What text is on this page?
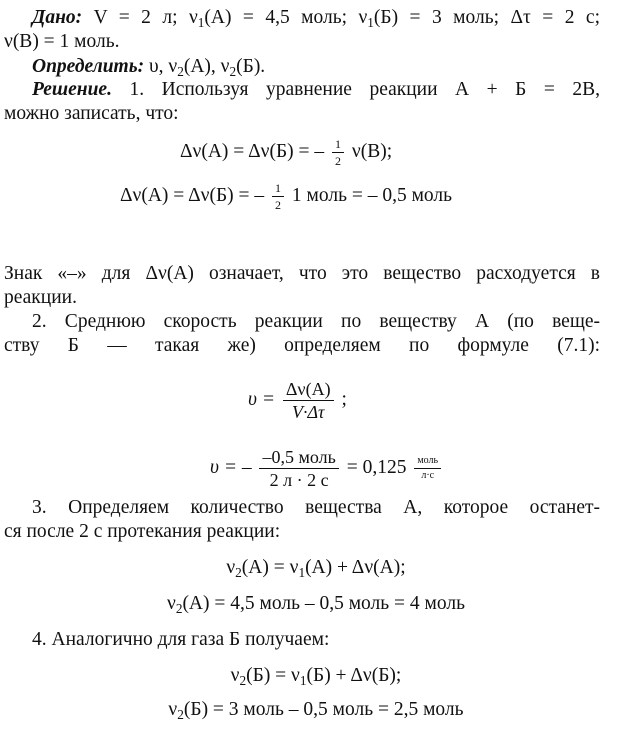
Дано: V = 2 л; $\nu_1(А) = 4,5$ моль; $\nu_1(Б) = 3$ моль; Δτ = 2 с;
ν(В) = 1 моль.
Определить: υ, $\nu_2(А)$, $\nu_2(Б)$.
Решение. 1. Используя уравнение реакции А + Б = 2В,
можно записать, что:
Δν(А) = Δν(Б) = – $\frac{1}{2} \nu(В)$;
Δν(А) = Δν(Б) = – $\frac{1}{2} 1$ моль = – 0,5 моль
Знак «–» для Δν(А) означает, что это вещество расходуется в
реакции.
2. Среднюю скорость реакции по веществу А (по веще-
ству Б — такая же) определяем по формуле (7.1):
$\upsilon = \frac{\Delta\nu(А)}{V\cdot\Delta\tau}$ ;
υ = – $\frac{\text{–0,5 моль}}{2 л \cdot 2 с} = 0,125 \frac{\text{моль}}{л\cdot с}$
3. Определяем количество вещества А, которое останет-
ся после 2 с протекания реакции:
$\nu_2(А) = \nu_1(А) + \Delta\nu(А)$;
$\nu_2(А) = 4,5$ моль – 0,5 моль = 4 моль
4. Аналогично для газа Б получаем:
$\nu_2(Б) = \nu_1(Б) + \Delta\nu(Б)$;
$\nu_2(Б) = 3$ моль – 0,5 моль = 2,5 моль
